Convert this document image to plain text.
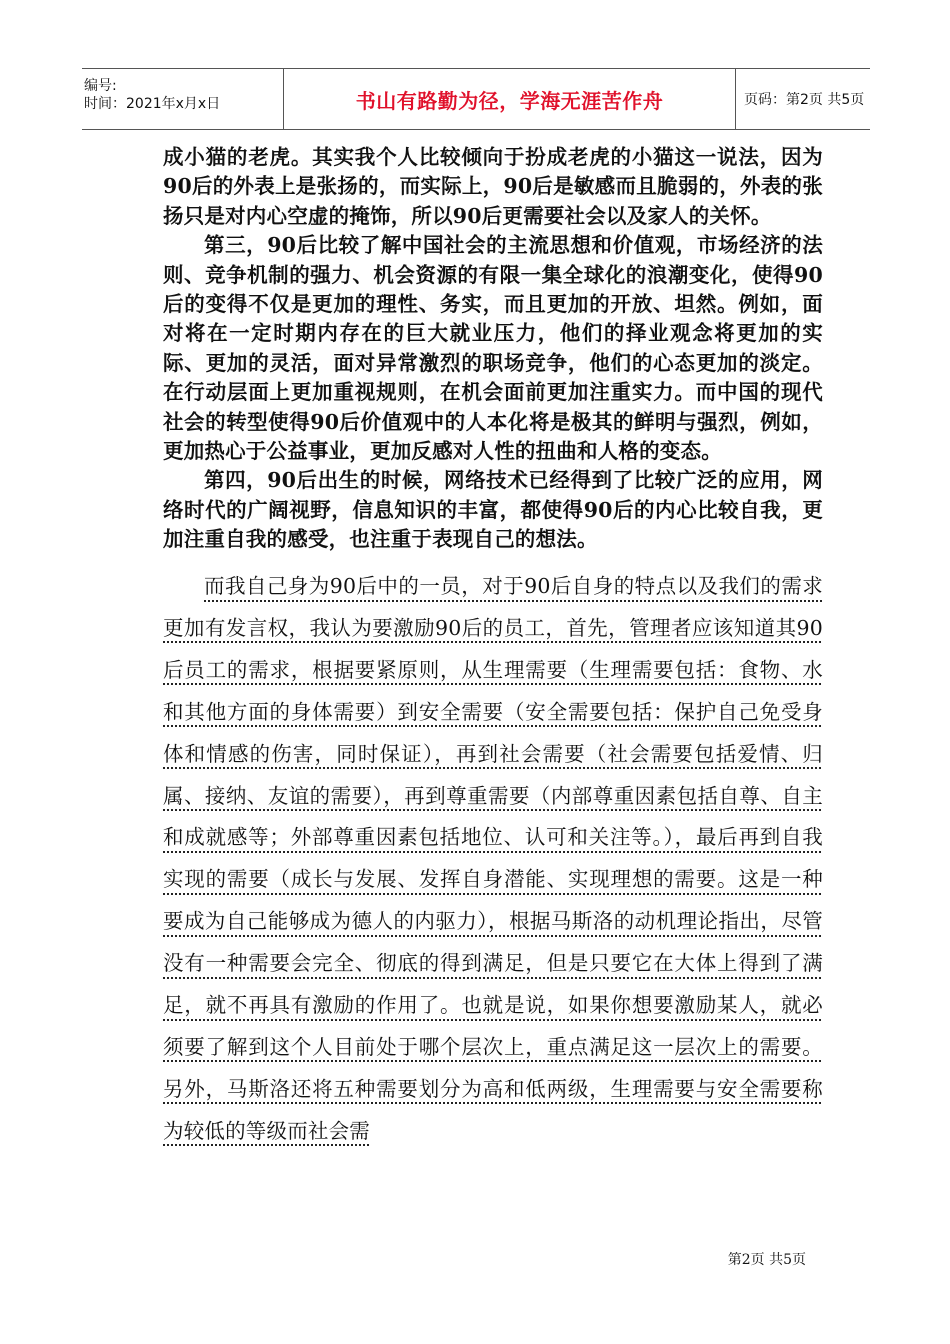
编号:
时间：2021年x月x日	书山有路勤为径，学海无涯苦作舟	页码：第2页 共5页

成小猫的老虎。其实我个人比较倾向于扮成老虎的小猫这一说法，因为90后的外表上是张扬的，而实际上，90后是敏感而且脆弱的，外表的张扬只是对内心空虚的掩饰，所以90后更需要社会以及家人的关怀。

第三，90后比较了解中国社会的主流思想和价值观，市场经济的法则、竞争机制的强力、机会资源的有限一集全球化的浪潮变化，使得90后的变得不仅是更加的理性、务实，而且更加的开放、坦然。例如，面对将在一定时期内存在的巨大就业压力，他们的择业观念将更加的实际、更加的灵活，面对异常激烈的职场竞争，他们的心态更加的淡定。在行动层面上更加重视规则，在机会面前更加注重实力。而中国的现代社会的转型使得90后价值观中的人本化将是极其的鲜明与强烈，例如，更加热心于公益事业，更加反感对人性的扭曲和人格的变态。

第四，90后出生的时候，网络技术已经得到了比较广泛的应用，网络时代的广阔视野，信息知识的丰富，都使得90后的内心比较自我，更加注重自我的感受，也注重于表现自己的想法。

而我自己身为90后中的一员，对于90后自身的特点以及我们的需求更加有发言权，我认为要激励90后的员工，首先，管理者应该知道其90后员工的需求，根据要紧原则，从生理需要（生理需要包括：食物、水和其他方面的身体需要）到安全需要（安全需要包括：保护自己免受身体和情感的伤害，同时保证），再到社会需要（社会需要包括爱情、归属、接纳、友谊的需要），再到尊重需要（内部尊重因素包括自尊、自主和成就感等；外部尊重因素包括地位、认可和关注等。），最后再到自我实现的需要（成长与发展、发挥自身潜能、实现理想的需要。这是一种要成为自己能够成为德人的内驱力），根据马斯洛的动机理论指出，尽管没有一种需要会完全、彻底的得到满足，但是只要它在大体上得到了满足，就不再具有激励的作用了。也就是说，如果你想要激励某人，就必须要了解到这个人目前处于哪个层次上，重点满足这一层次上的需要。另外，马斯洛还将五种需要划分为高和低两级，生理需要与安全需要称为较低的等级而社会需

第2页 共5页
